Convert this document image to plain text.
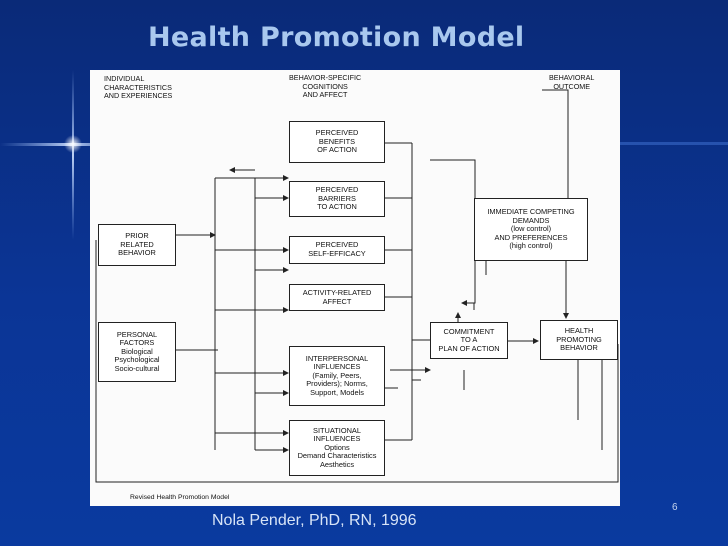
Health Promotion Model
INDIVIDUAL
CHARACTERISTICS
AND EXPERIENCES
BEHAVIOR-SPECIFIC
COGNITIONS
AND AFFECT
BEHAVIORAL
OUTCOME
PRIOR
RELATED
BEHAVIOR
PERSONAL
FACTORS
Biological
Psychological
Socio-cultural
PERCEIVED
BENEFITS
OF ACTION
PERCEIVED
BARRIERS
TO ACTION
PERCEIVED
SELF-EFFICACY
ACTIVITY-RELATED
AFFECT
INTERPERSONAL
INFLUENCES
(Family, Peers,
Providers); Norms,
Support, Models
SITUATIONAL
INFLUENCES
Options
Demand Characteristics
Aesthetics
IMMEDIATE COMPETING
DEMANDS
(low control)
AND PREFERENCES
(high control)
COMMITMENT
TO A
PLAN OF ACTION
HEALTH
PROMOTING
BEHAVIOR
Revised Health Promotion Model
Nola Pender, PhD, RN, 1996
6
